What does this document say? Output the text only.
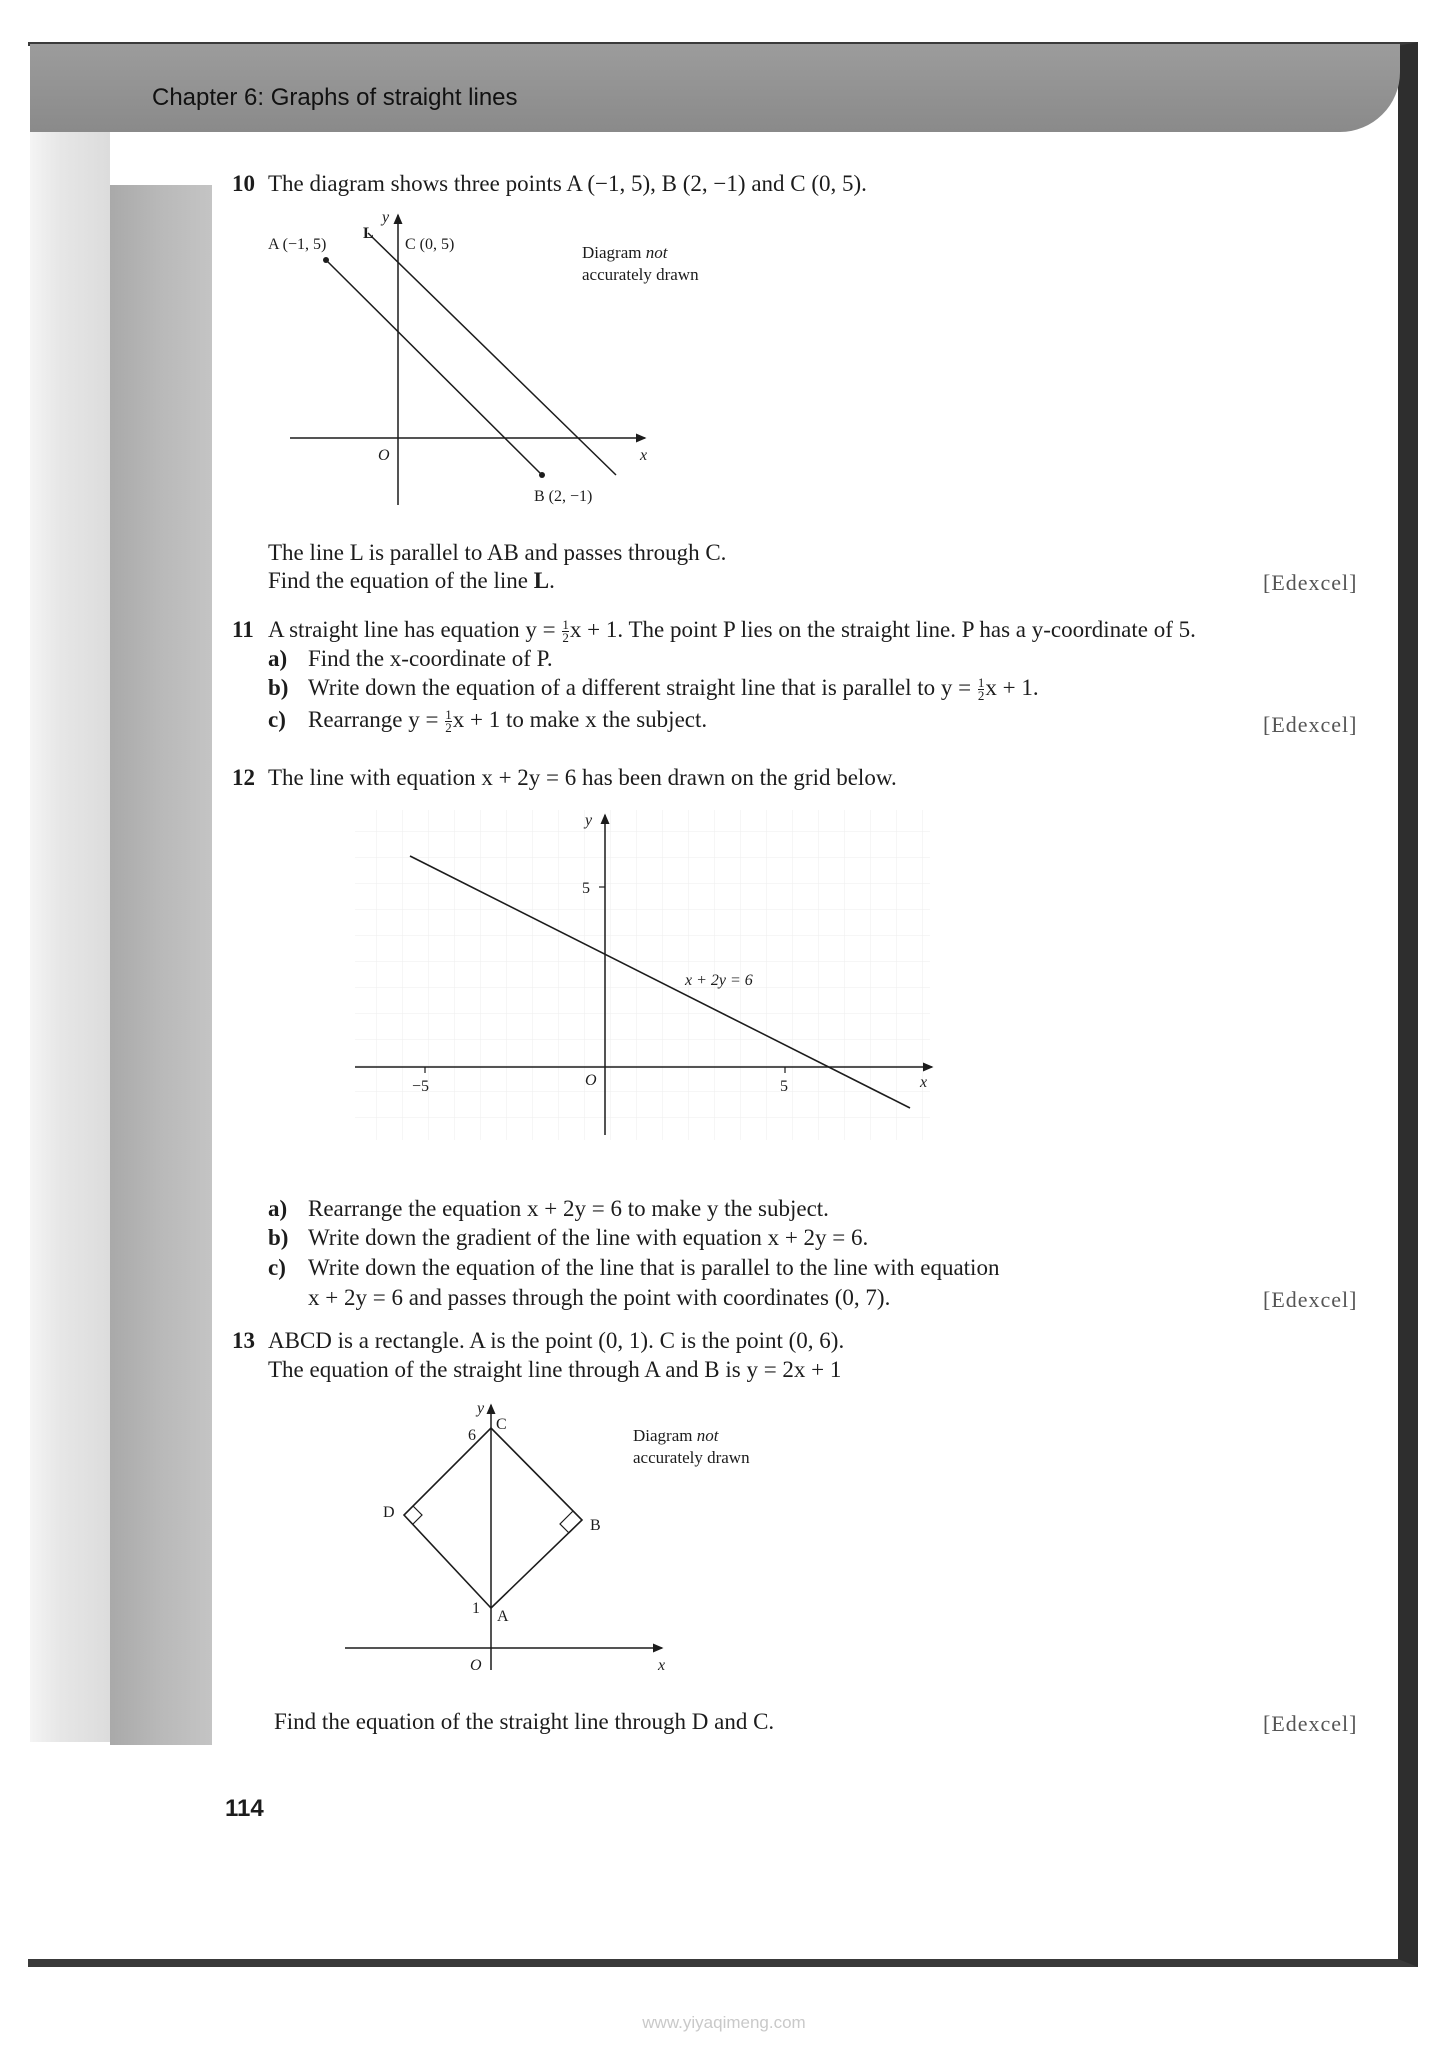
Chapter 6: Graphs of straight lines
10 The diagram shows three points A (−1, 5), B (2, −1) and C (0, 5).
A (−1, 5)
L
y
C (0, 5)
O	x
B (2, −1)
Diagram not
accurately drawn
The line L is parallel to AB and passes through C.
Find the equation of the line L.	[Edexcel]
11 A straight line has equation $y = \frac{1}{2}$ x + 1. The point P lies on the straight line. P has a y-coordinate of 5.
a) Find the x-coordinate of P.
b) Write down the equation of a different straight line that is parallel to $y = \frac{1}{2}$ x + 1.
c) Rearrange $y = \frac{1}{2}$ x + 1 to make x the subject.	[Edexcel]
12 The line with equation x + 2y = 6 has been drawn on the grid below.
y
5
O
−5	5	x
x + 2y = 6
a) Rearrange the equation x + 2y = 6 to make y the subject.
b) Write down the gradient of the line with equation x + 2y = 6.
c) Write down the equation of the line that is parallel to the line with equation
x + 2y = 6 and passes through the point with coordinates (0, 7).	[Edexcel]
13 ABCD is a rectangle. A is the point (0, 1). C is the point (0, 6).
The equation of the straight line through A and B is y = 2x + 1
y
6
C
B
D
1 A
O	x
Diagram not
accurately drawn
Find the equation of the straight line through D and C.	[Edexcel]
114
www.yiyaqimeng.com
